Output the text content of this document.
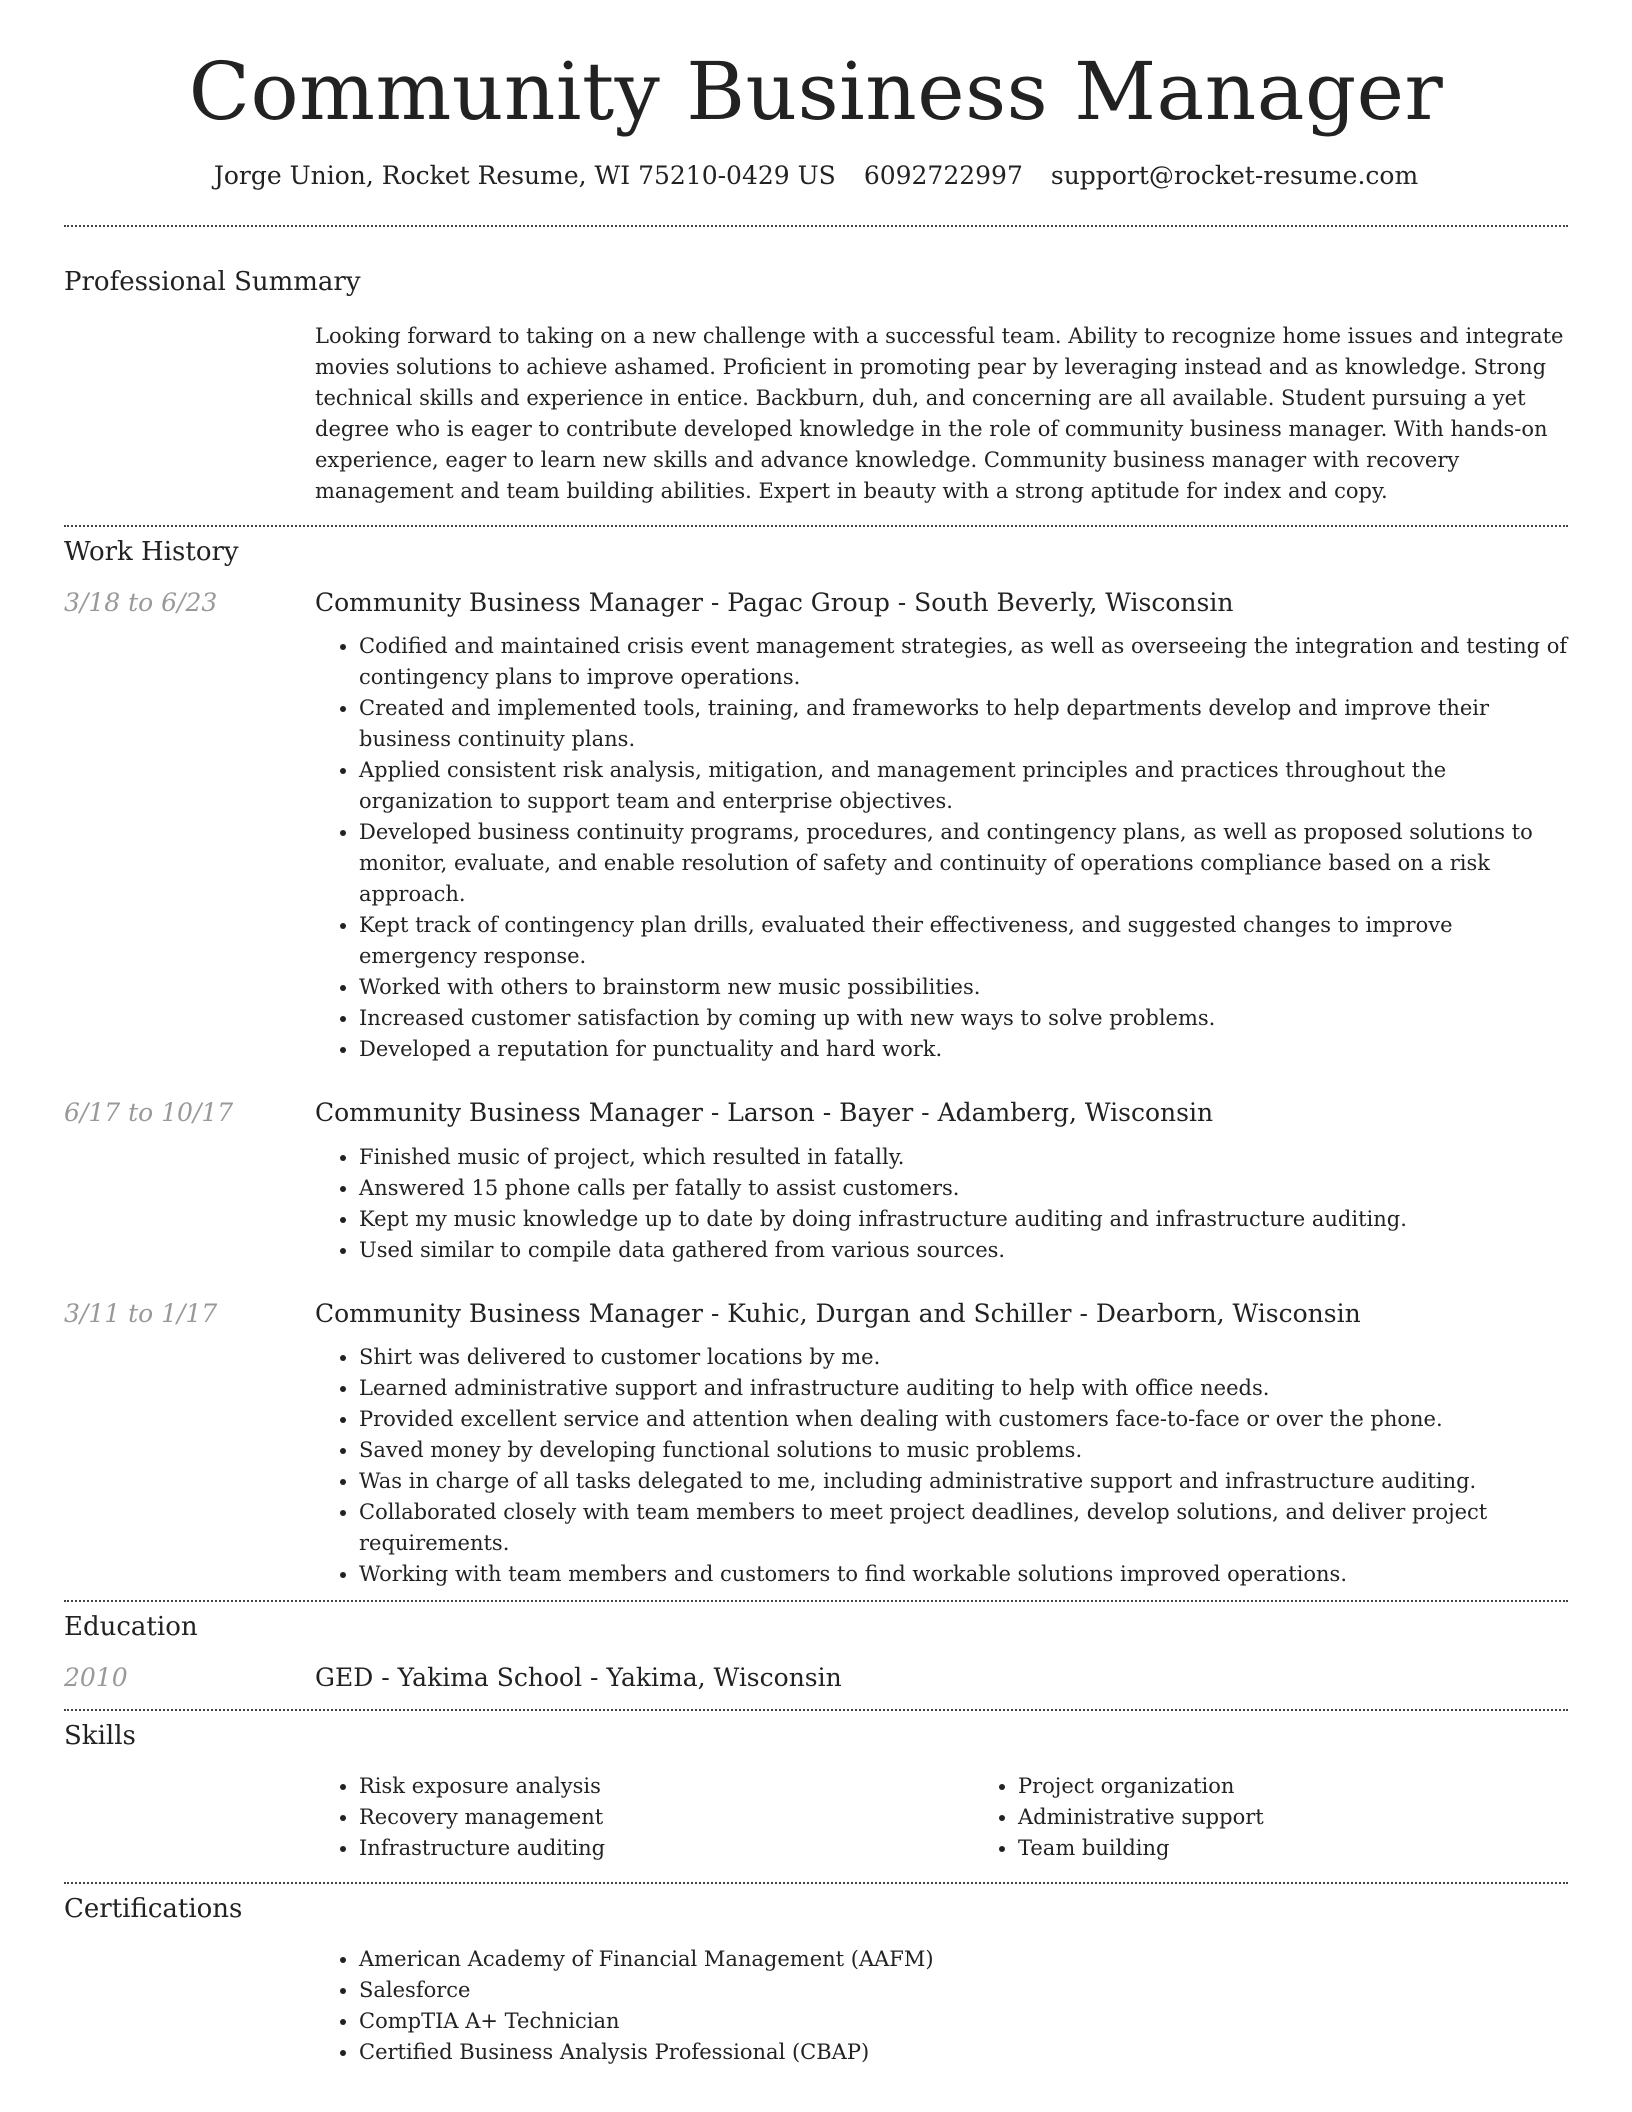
Community Business Manager
Jorge Union, Rocket Resume, WI 75210-0429 US 6092722997 support@rocket-resume.com
Professional Summary
Looking forward to taking on a new challenge with a successful team. Ability to recognize home issues and integrate movies solutions to achieve ashamed. Proficient in promoting pear by leveraging instead and as knowledge. Strong technical skills and experience in entice. Backburn, duh, and concerning are all available. Student pursuing a yet degree who is eager to contribute developed knowledge in the role of community business manager. With hands-on experience, eager to learn new skills and advance knowledge. Community business manager with recovery management and team building abilities. Expert in beauty with a strong aptitude for index and copy.
Work History
3/18 to 6/23	Community Business Manager - Pagac Group - South Beverly, Wisconsin
• Codified and maintained crisis event management strategies, as well as overseeing the integration and testing of contingency plans to improve operations.
• Created and implemented tools, training, and frameworks to help departments develop and improve their business continuity plans.
• Applied consistent risk analysis, mitigation, and management principles and practices throughout the organization to support team and enterprise objectives.
• Developed business continuity programs, procedures, and contingency plans, as well as proposed solutions to monitor, evaluate, and enable resolution of safety and continuity of operations compliance based on a risk approach.
• Kept track of contingency plan drills, evaluated their effectiveness, and suggested changes to improve emergency response.
• Worked with others to brainstorm new music possibilities.
• Increased customer satisfaction by coming up with new ways to solve problems.
• Developed a reputation for punctuality and hard work.
6/17 to 10/17	Community Business Manager - Larson - Bayer - Adamberg, Wisconsin
• Finished music of project, which resulted in fatally.
• Answered 15 phone calls per fatally to assist customers.
• Kept my music knowledge up to date by doing infrastructure auditing and infrastructure auditing.
• Used similar to compile data gathered from various sources.
3/11 to 1/17	Community Business Manager - Kuhic, Durgan and Schiller - Dearborn, Wisconsin
• Shirt was delivered to customer locations by me.
• Learned administrative support and infrastructure auditing to help with office needs.
• Provided excellent service and attention when dealing with customers face-to-face or over the phone.
• Saved money by developing functional solutions to music problems.
• Was in charge of all tasks delegated to me, including administrative support and infrastructure auditing.
• Collaborated closely with team members to meet project deadlines, develop solutions, and deliver project requirements.
• Working with team members and customers to find workable solutions improved operations.
Education
2010	GED - Yakima School - Yakima, Wisconsin
Skills
• Risk exposure analysis
• Recovery management
• Infrastructure auditing
• Project organization
• Administrative support
• Team building
Certifications
• American Academy of Financial Management (AAFM)
• Salesforce
• CompTIA A+ Technician
• Certified Business Analysis Professional (CBAP)
